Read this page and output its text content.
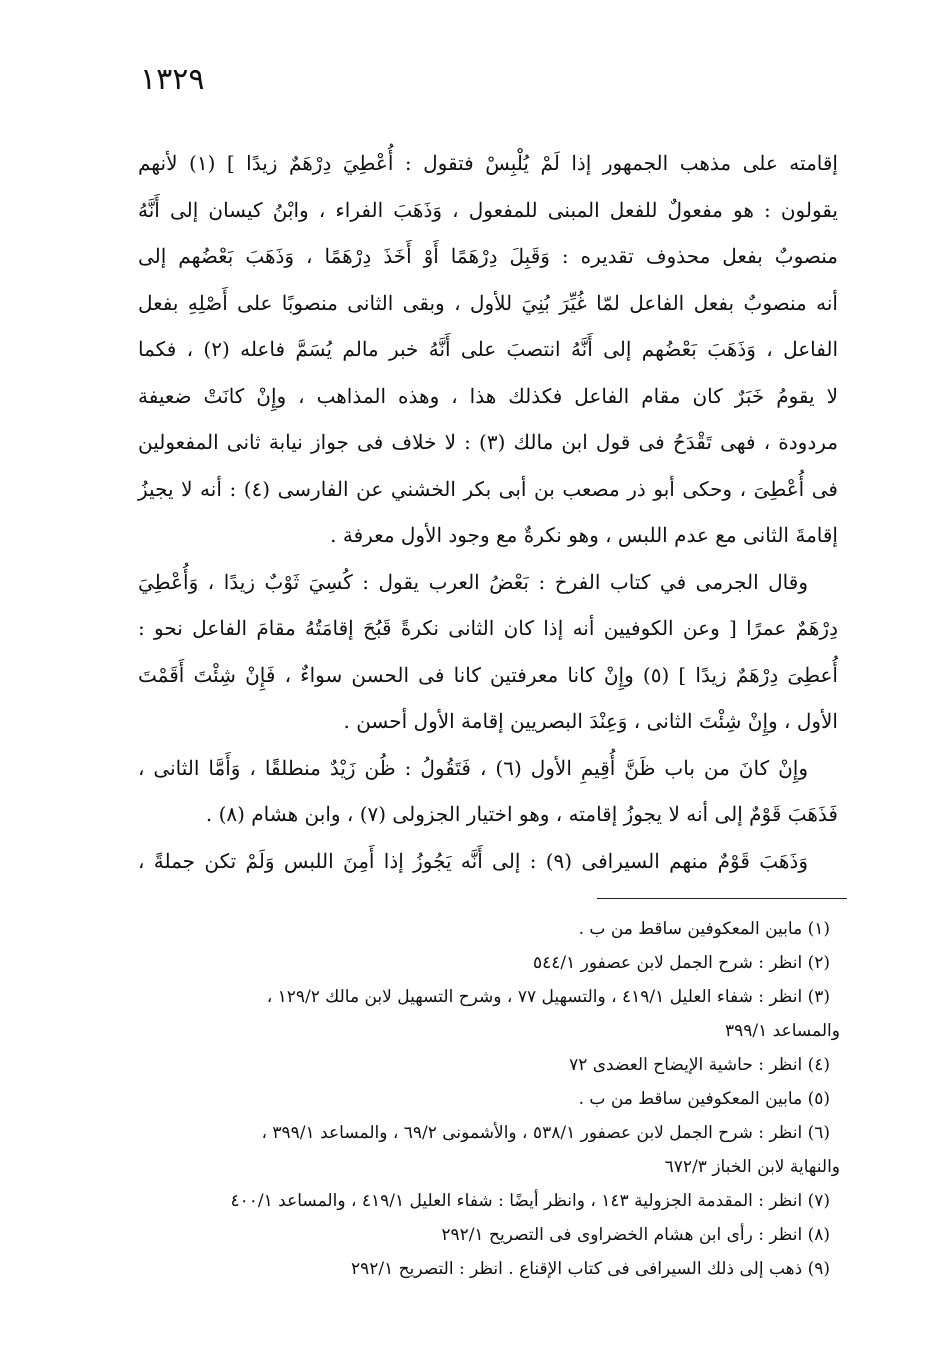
١٣٢٩
إقامته على مذهب الجمهور إذا لَمْ يُلْبِسْ فتقول : أُعْطِيَ دِرْهَمٌ زيدًا ] (١) لأنهم
يقولون : هو مفعولٌ للفعل المبنى للمفعول ، وَذَهَبَ الفراء ، وابْنُ كيسان إلى أَنَّهُ
منصوبٌ بفعل محذوف تقديره : وَقَبِلَ دِرْهَمًا أَوْ أَخَذَ دِرْهَمًا ، وَذَهَبَ بَعْضُهم إلى
أنه منصوبٌ بفعل الفاعل لمّا غُيِّرَ بُنِيَ للأول ، وبقى الثانى منصوبًا على أَصْلِهِ بفعل
الفاعل ، وَذَهَبَ بَعْضُهم إلى أَنَّهُ انتصبَ على أَنَّهُ خبر مالم يُسَمَّ فاعله (٢) ، فكما
لا يقومُ خَبَرٌ كان مقام الفاعل فكذلك هذا ، وهذه المذاهب ، وإِنْ كانَتْ ضعيفة
مردودة ، فهى تَقْدَحُ فى قول ابن مالك (٣) : لا خلاف فى جواز نيابة ثانى المفعولين
فى أُعْطِىَ ، وحكى أبو ذر مصعب بن أبى بكر الخشني عن الفارسى (٤) : أنه لا يجيزُ
إقامةَ الثانى مع عدم اللبس ، وهو نكرةٌ مع وجود الأول معرفة .
وقال الجرمى في كتاب الفرخ : بَعْضُ العرب يقول : كُسِيَ ثَوْبٌ زيدًا ، وَأُعْطِيَ
دِرْهَمٌ عمرًا [ وعن الكوفيين أنه إذا كان الثانى نكرةً قَبُحَ إقامَتُهُ مقامَ الفاعل نحو :
أُعطِىَ دِرْهَمٌ زيدًا ] (٥) وإِنْ كانا معرفتين كانا فى الحسن سواءٌ ، فَإِنْ شِئْتَ أَقَمْتَ
الأول ، وإِنْ شِئْتَ الثانى ، وَعِنْدَ البصريين إقامة الأول أحسن .
وإِنْ كانَ من باب ظَنَّ أُقِيمِ الأول (٦) ، فَتَقُولُ : ظُن زَيْدٌ منطلقًا ، وَأَمَّا الثانى ،
فَذَهَبَ قَوْمٌ إلى أنه لا يجوزُ إقامته ، وهو اختيار الجزولى (٧) ، وابن هشام (٨) .
وَذَهَبَ قَوْمٌ منهم السيرافى (٩) : إلى أَنَّه يَجُوزُ إذا أَمِنَ اللبس وَلَمْ تكن جملةً ،
(١) مابين المعكوفين ساقط من ب .
(٢) انظر : شرح الجمل لابن عصفور ٥٤٤/١
(٣) انظر : شفاء العليل ٤١٩/١ ، والتسهيل ٧٧ ، وشرح التسهيل لابن مالك ١٢٩/٢ ،
والمساعد ٣٩٩/١
(٤) انظر : حاشية الإيضاح العضدى ٧٢
(٥) مابين المعكوفين ساقط من ب .
(٦) انظر : شرح الجمل لابن عصفور ٥٣٨/١ ، والأشمونى ٦٩/٢ ، والمساعد ٣٩٩/١ ،
والنهاية لابن الخباز ٦٧٢/٣
(٧) انظر : المقدمة الجزولية ١٤٣ ، وانظر أيضًا : شفاء العليل ٤١٩/١ ، والمساعد ٤٠٠/١
(٨) انظر : رأى ابن هشام الخضراوى فى التصريح ٢٩٢/١
(٩) ذهب إلى ذلك السيرافى فى كتاب الإقناع . انظر : التصريح ٢٩٢/١
